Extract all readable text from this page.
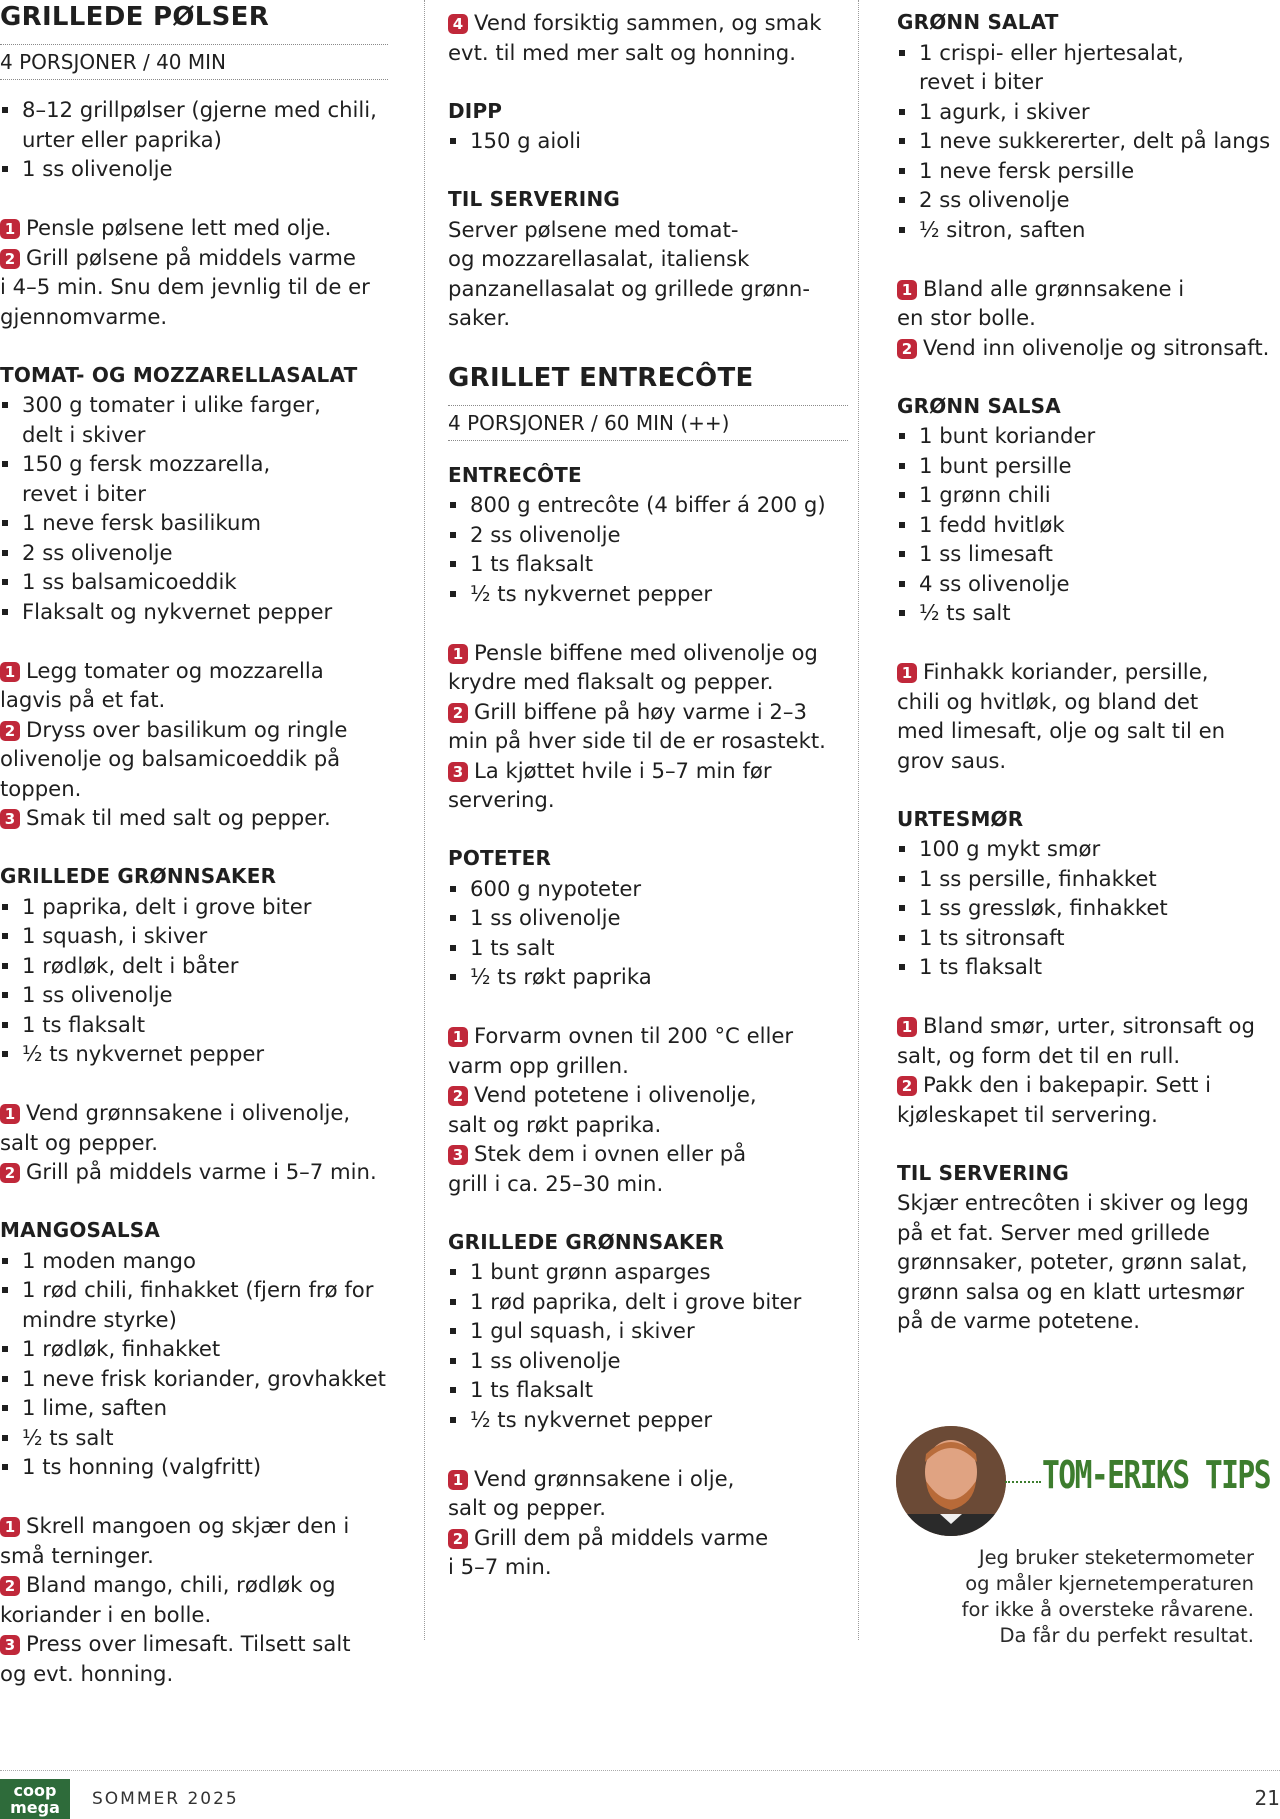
GRILLEDE PØLSER
4 PORSJONER / 40 MIN
8–12 grillpølser (gjerne med chili,
urter eller paprika)
1 ss olivenolje
1 Pensle pølsene lett med olje.
2 Grill pølsene på middels varme
i 4–5 min. Snu dem jevnlig til de er
gjennomvarme.
TOMAT- OG MOZZARELLASALAT
300 g tomater i ulike farger,
delt i skiver
150 g fersk mozzarella,
revet i biter
1 neve fersk basilikum
2 ss olivenolje
1 ss balsamicoeddik
Flaksalt og nykvernet pepper
1 Legg tomater og mozzarella
lagvis på et fat.
2 Dryss over basilikum og ringle
olivenolje og balsamicoeddik på
toppen.
3 Smak til med salt og pepper.
GRILLEDE GRØNNSAKER
1 paprika, delt i grove biter
1 squash, i skiver
1 rødløk, delt i båter
1 ss olivenolje
1 ts flaksalt
½ ts nykvernet pepper
1 Vend grønnsakene i olivenolje,
salt og pepper.
2 Grill på middels varme i 5–7 min.
MANGOSALSA
1 moden mango
1 rød chili, finhakket (fjern frø for
mindre styrke)
1 rødløk, finhakket
1 neve frisk koriander, grovhakket
1 lime, saften
½ ts salt
1 ts honning (valgfritt)
1 Skrell mangoen og skjær den i
små terninger.
2 Bland mango, chili, rødløk og
koriander i en bolle.
3 Press over limesaft. Tilsett salt
og evt. honning.
4 Vend forsiktig sammen, og smak
evt. til med mer salt og honning.
DIPP
150 g aioli
TIL SERVERING
Server pølsene med tomat-
og mozzarellasalat, italiensk
panzanellasalat og grillede grønn-
saker.
GRILLET ENTRECÔTE
4 PORSJONER / 60 MIN (++)
ENTRECÔTE
800 g entrecôte (4 biffer á 200 g)
2 ss olivenolje
1 ts flaksalt
½ ts nykvernet pepper
1 Pensle biffene med olivenolje og
krydre med flaksalt og pepper.
2 Grill biffene på høy varme i 2–3
min på hver side til de er rosastekt.
3 La kjøttet hvile i 5–7 min før
servering.
POTETER
600 g nypoteter
1 ss olivenolje
1 ts salt
½ ts røkt paprika
1 Forvarm ovnen til 200 °C eller
varm opp grillen.
2 Vend potetene i olivenolje,
salt og røkt paprika.
3 Stek dem i ovnen eller på
grill i ca. 25–30 min.
GRILLEDE GRØNNSAKER
1 bunt grønn asparges
1 rød paprika, delt i grove biter
1 gul squash, i skiver
1 ss olivenolje
1 ts flaksalt
½ ts nykvernet pepper
1 Vend grønnsakene i olje,
salt og pepper.
2 Grill dem på middels varme
i 5–7 min.
GRØNN SALAT
1 crispi- eller hjertesalat,
revet i biter
1 agurk, i skiver
1 neve sukkererter, delt på langs
1 neve fersk persille
2 ss olivenolje
½ sitron, saften
1 Bland alle grønnsakene i
en stor bolle.
2 Vend inn olivenolje og sitronsaft.
GRØNN SALSA
1 bunt koriander
1 bunt persille
1 grønn chili
1 fedd hvitløk
1 ss limesaft
4 ss olivenolje
½ ts salt
1 Finhakk koriander, persille,
chili og hvitløk, og bland det
med limesaft, olje og salt til en
grov saus.
URTESMØR
100 g mykt smør
1 ss persille, finhakket
1 ss gressløk, finhakket
1 ts sitronsaft
1 ts flaksalt
1 Bland smør, urter, sitronsaft og
salt, og form det til en rull.
2 Pakk den i bakepapir. Sett i
kjøleskapet til servering.
TIL SERVERING
Skjær entrecôten i skiver og legg
på et fat. Server med grillede
grønnsaker, poteter, grønn salat,
grønn salsa og en klatt urtesmør
på de varme potetene.
TOM-ERIKS TIPS
Jeg bruker steketermometer
og måler kjernetemperaturen
for ikke å oversteke råvarene.
Da får du perfekt resultat.
coop
mega	SOMMER 2025	21
